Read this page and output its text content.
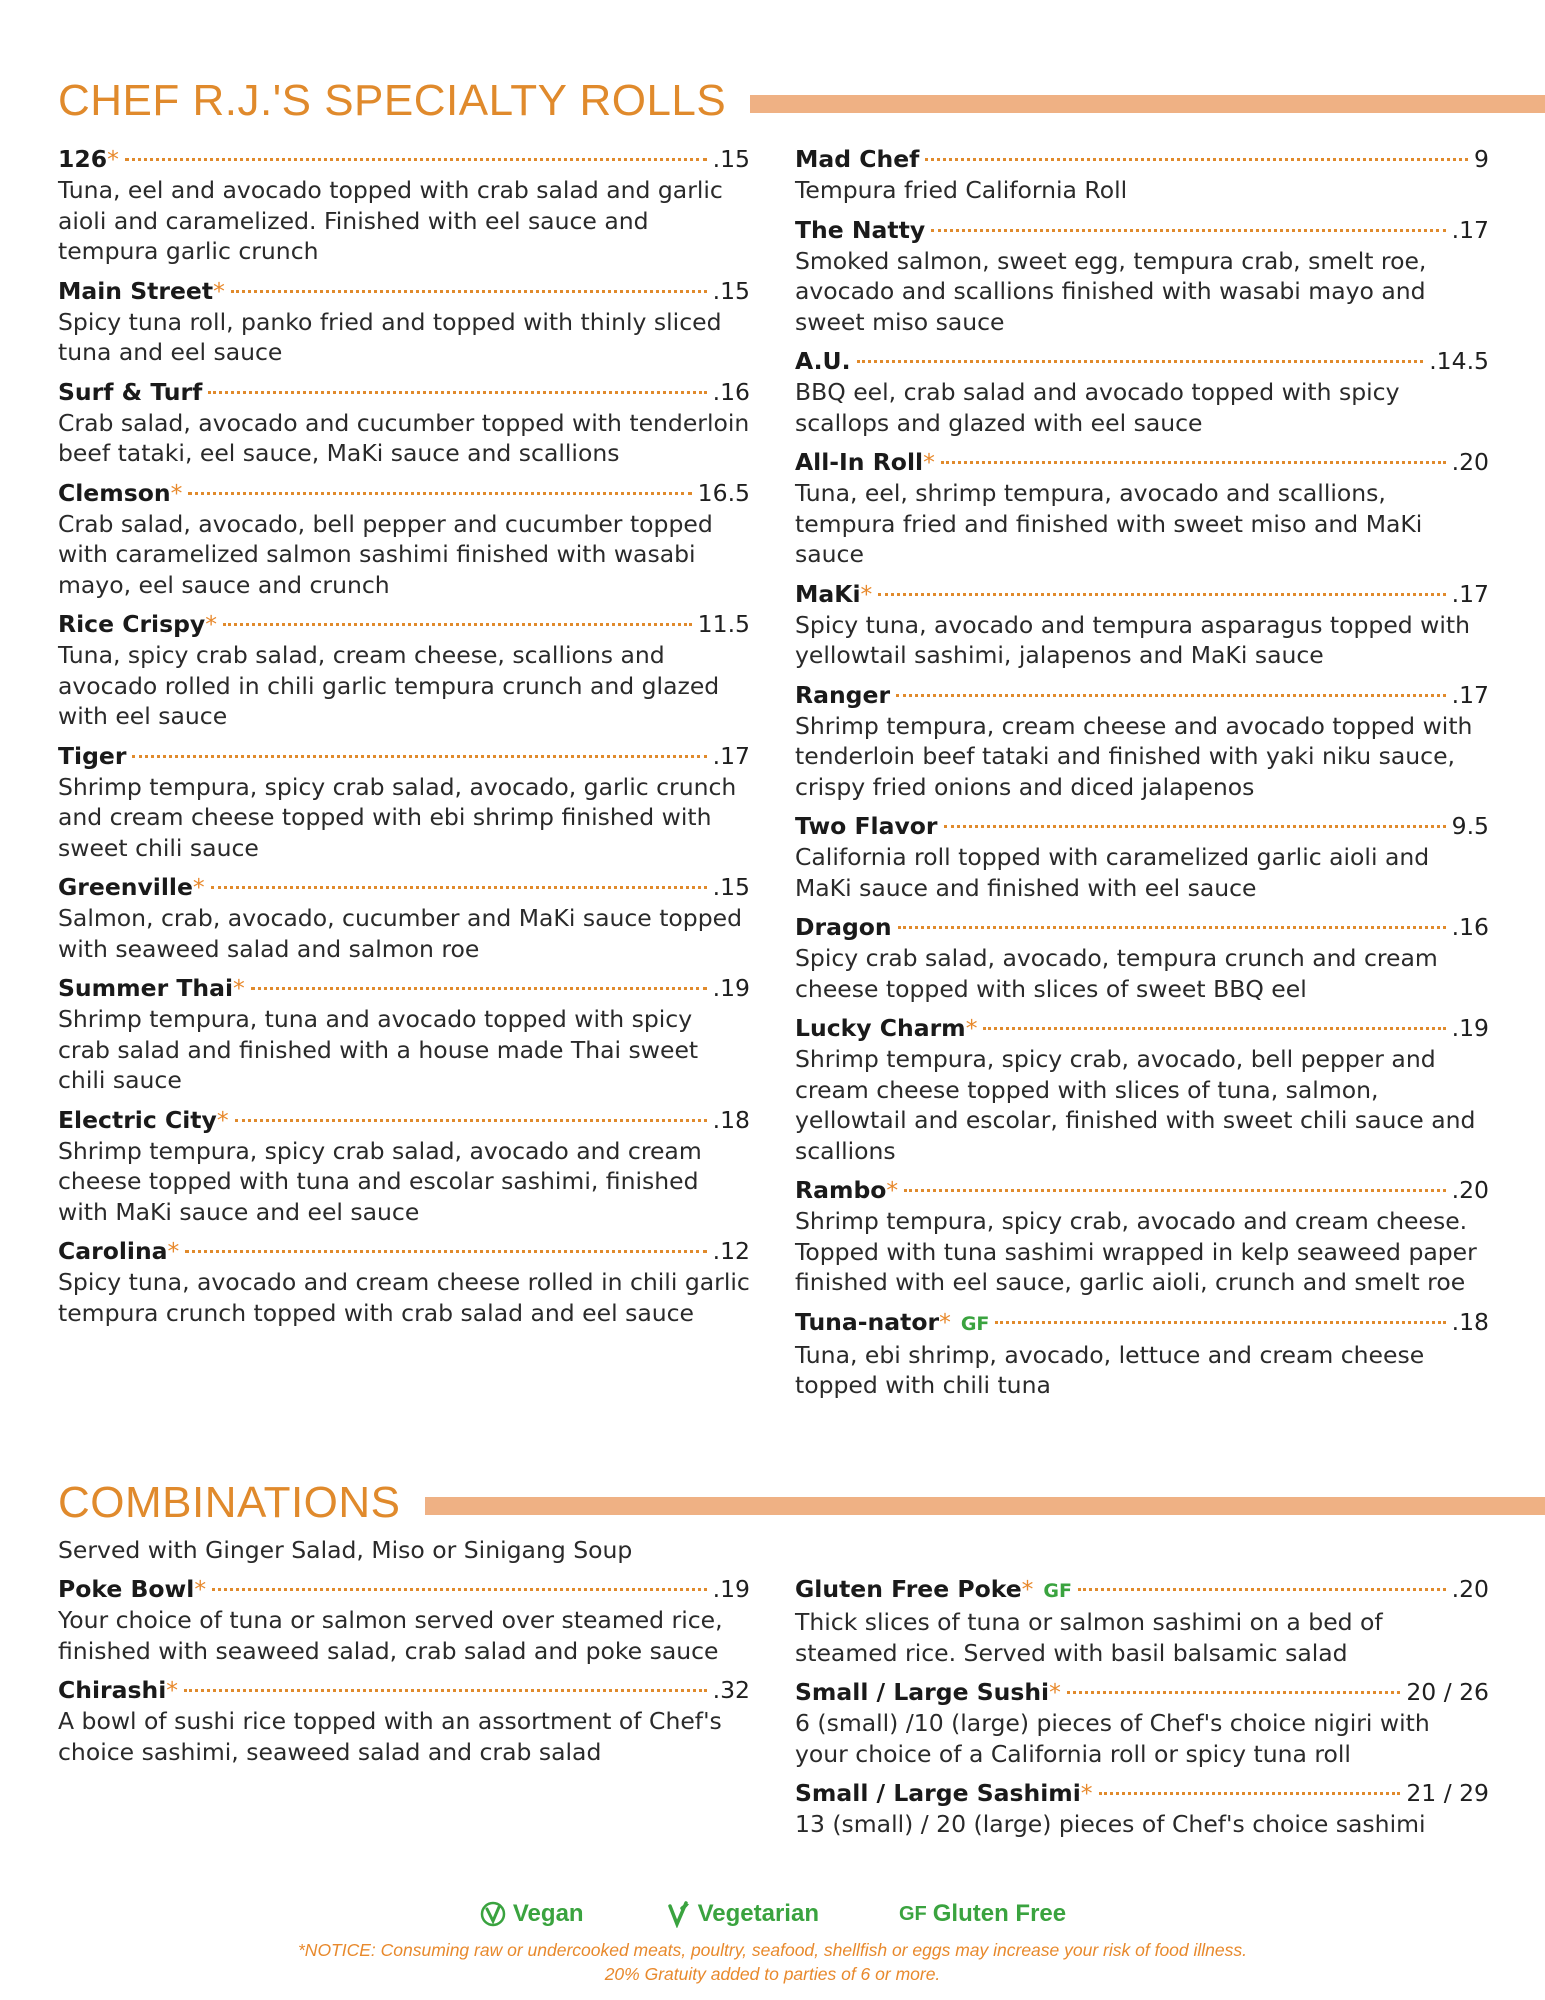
CHEF R.J.'S SPECIALTY ROLLS
126*	.15
Tuna, eel and avocado topped with crab salad and garlic aioli and caramelized. Finished with eel sauce and tempura garlic crunch
Main Street*	.15
Spicy tuna roll, panko fried and topped with thinly sliced tuna and eel sauce
Surf & Turf	.16
Crab salad, avocado and cucumber topped with tenderloin beef tataki, eel sauce, MaKi sauce and scallions
Clemson*	16.5
Crab salad, avocado, bell pepper and cucumber topped with caramelized salmon sashimi finished with wasabi mayo, eel sauce and crunch
Rice Crispy*	11.5
Tuna, spicy crab salad, cream cheese, scallions and avocado rolled in chili garlic tempura crunch and glazed with eel sauce
Tiger	.17
Shrimp tempura, spicy crab salad, avocado, garlic crunch and cream cheese topped with ebi shrimp finished with sweet chili sauce
Greenville*	.15
Salmon, crab, avocado, cucumber and MaKi sauce topped with seaweed salad and salmon roe
Summer Thai*	.19
Shrimp tempura, tuna and avocado topped with spicy crab salad and finished with a house made Thai sweet chili sauce
Electric City*	.18
Shrimp tempura, spicy crab salad, avocado and cream cheese topped with tuna and escolar sashimi, finished with MaKi sauce and eel sauce
Carolina*	.12
Spicy tuna, avocado and cream cheese rolled in chili garlic tempura crunch topped with crab salad and eel sauce
Mad Chef	9
Tempura fried California Roll
The Natty	.17
Smoked salmon, sweet egg, tempura crab, smelt roe, avocado and scallions finished with wasabi mayo and sweet miso sauce
A.U.	.14.5
BBQ eel, crab salad and avocado topped with spicy scallops and glazed with eel sauce
All-In Roll*	.20
Tuna, eel, shrimp tempura, avocado and scallions, tempura fried and finished with sweet miso and MaKi sauce
MaKi*	.17
Spicy tuna, avocado and tempura asparagus topped with yellowtail sashimi, jalapenos and MaKi sauce
Ranger	.17
Shrimp tempura, cream cheese and avocado topped with tenderloin beef tataki and finished with yaki niku sauce, crispy fried onions and diced jalapenos
Two Flavor	9.5
California roll topped with caramelized garlic aioli and MaKi sauce and finished with eel sauce
Dragon	.16
Spicy crab salad, avocado, tempura crunch and cream cheese topped with slices of sweet BBQ eel
Lucky Charm*	.19
Shrimp tempura, spicy crab, avocado, bell pepper and cream cheese topped with slices of tuna, salmon, yellowtail and escolar, finished with sweet chili sauce and scallions
Rambo*	.20
Shrimp tempura, spicy crab, avocado and cream cheese. Topped with tuna sashimi wrapped in kelp seaweed paper finished with eel sauce, garlic aioli, crunch and smelt roe
Tuna-nator* GF	.18
Tuna, ebi shrimp, avocado, lettuce and cream cheese topped with chili tuna
COMBINATIONS
Served with Ginger Salad, Miso or Sinigang Soup
Poke Bowl*	.19
Your choice of tuna or salmon served over steamed rice, finished with seaweed salad, crab salad and poke sauce
Chirashi*	.32
A bowl of sushi rice topped with an assortment of Chef's choice sashimi, seaweed salad and crab salad
Gluten Free Poke* GF	.20
Thick slices of tuna or salmon sashimi on a bed of steamed rice. Served with basil balsamic salad
Small / Large Sushi*	20 / 26
6 (small) /10 (large) pieces of Chef's choice nigiri with your choice of a California roll or spicy tuna roll
Small / Large Sashimi*	21 / 29
13 (small) / 20 (large) pieces of Chef's choice sashimi
Vegan	Vegetarian	GF Gluten Free
*NOTICE: Consuming raw or undercooked meats, poultry, seafood, shellfish or eggs may increase your risk of food illness.
20% Gratuity added to parties of 6 or more.
